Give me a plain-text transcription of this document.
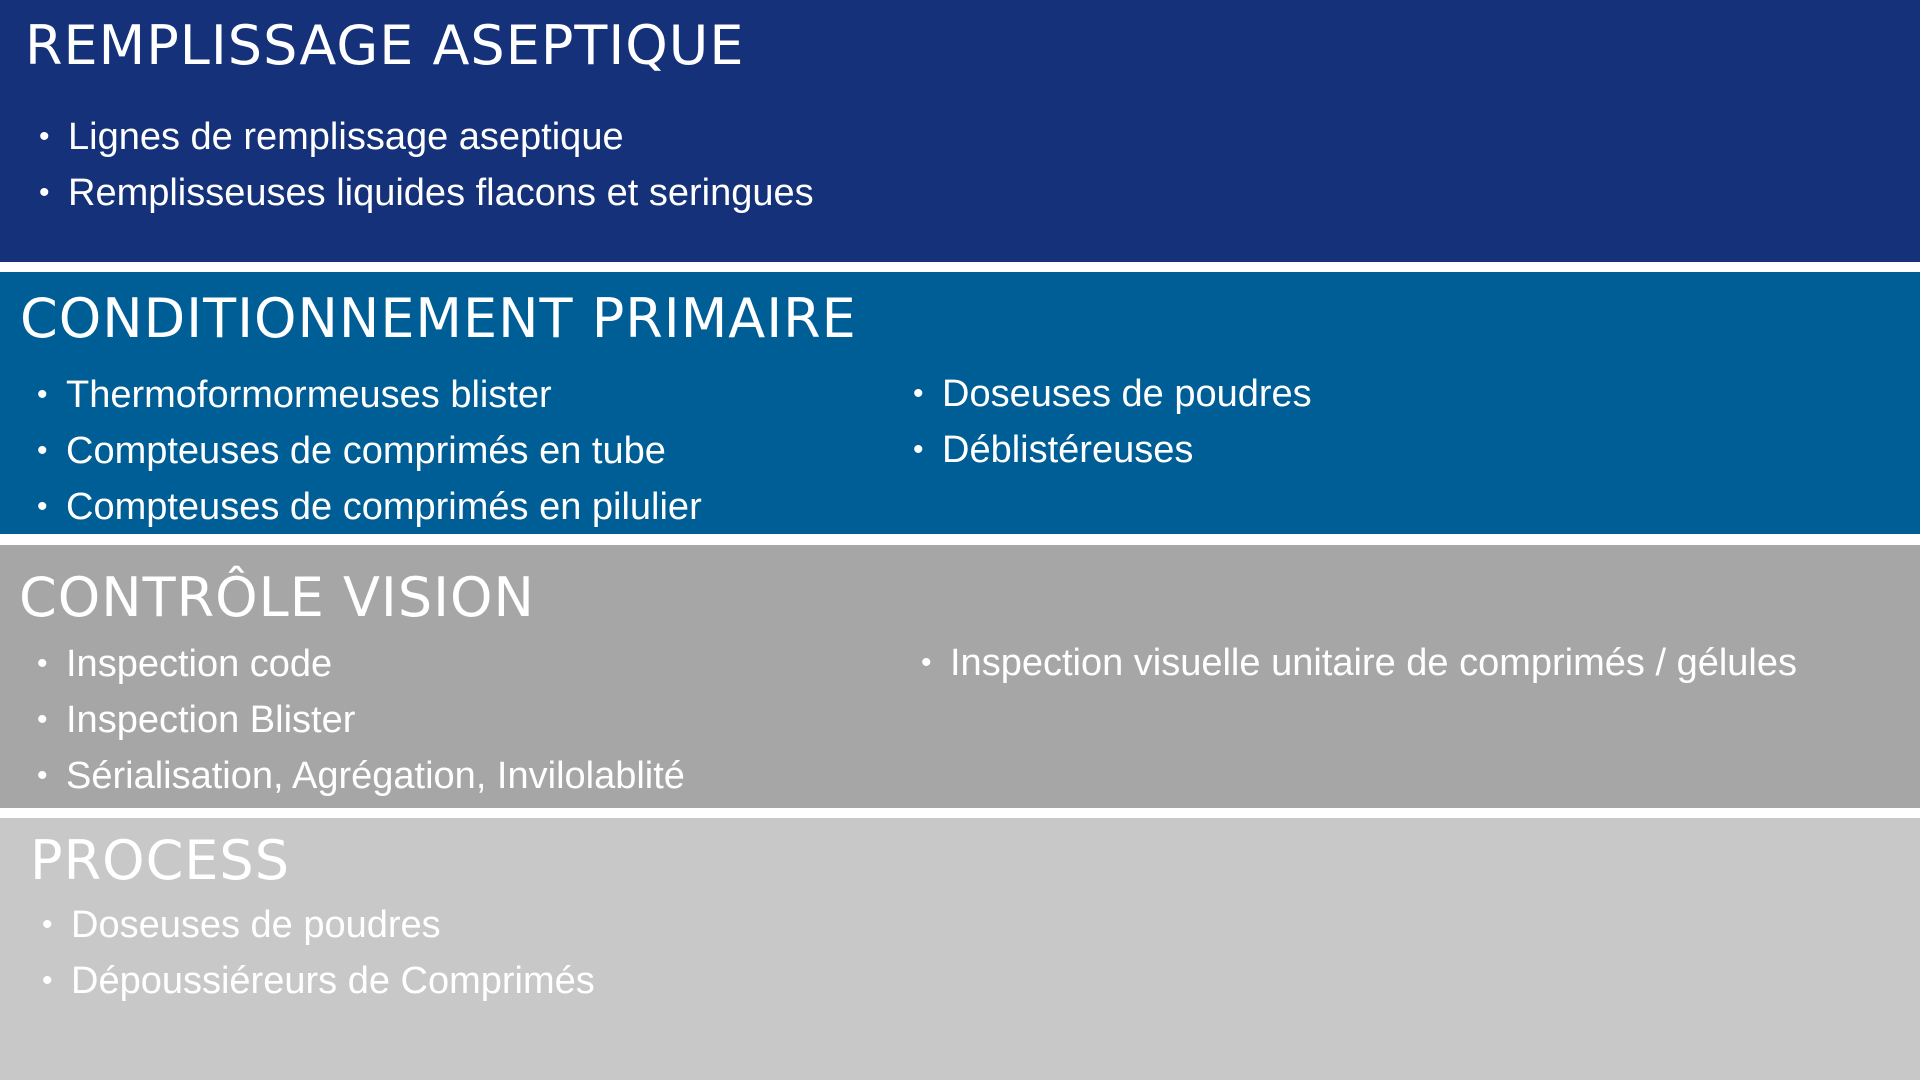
REMPLISSAGE ASEPTIQUE
• Lignes de remplissage aseptique
• Remplisseuses liquides flacons et seringues
CONDITIONNEMENT PRIMAIRE
• Thermoformormeuses blister
• Compteuses de comprimés en tube
• Compteuses de comprimés en pilulier
• Doseuses de poudres
• Déblistéreuses
CONTRÔLE VISION
• Inspection code
• Inspection Blister
• Sérialisation, Agrégation, Invilolablité
• Inspection visuelle unitaire de comprimés / gélules
PROCESS
• Doseuses de poudres
• Dépoussiéreurs de Comprimés
